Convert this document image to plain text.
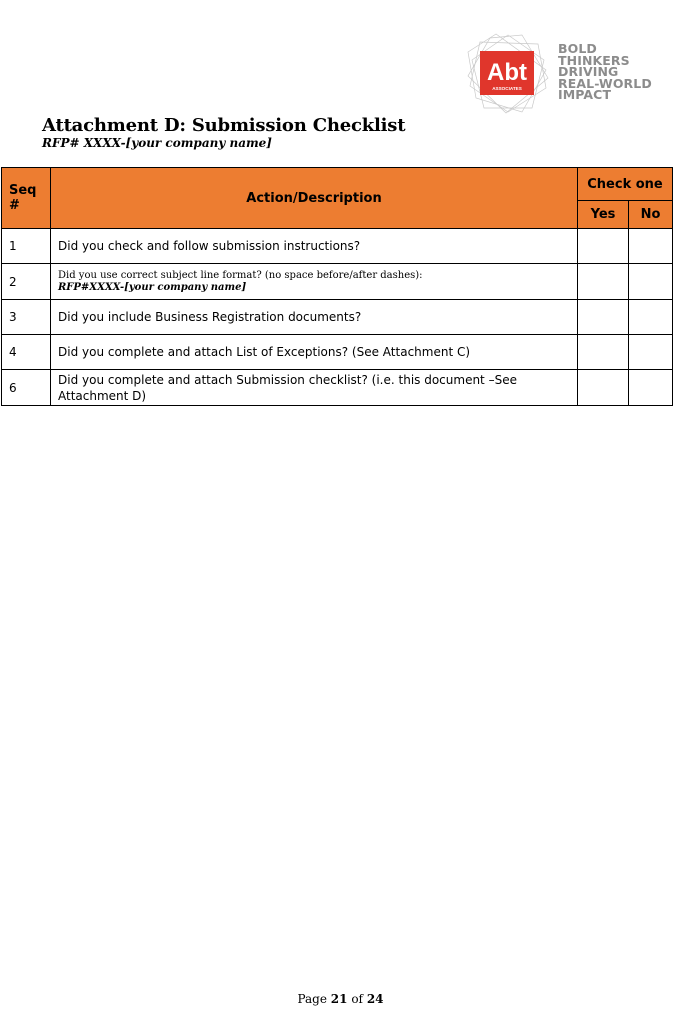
Abt
ASSOCIATES
BOLD
THINKERS
DRIVING
REAL-WORLD
IMPACT
Attachment D: Submission Checklist

RFP# XXXX-[your company name]

Seq #	Action/Description	Check one	
		Yes	No
1	Did you check and follow submission instructions?		
2	Did you use correct subject line format? (no space before/after dashes):
RFP#XXXX-[your company name]		

3	Did you include Business Registration documents?		
4	Did you complete and attach List of Exceptions? (See Attachment C)		
6	Did you complete and attach Submission checklist? (i.e. this document –See Attachment D)		
Page 21 of 24
